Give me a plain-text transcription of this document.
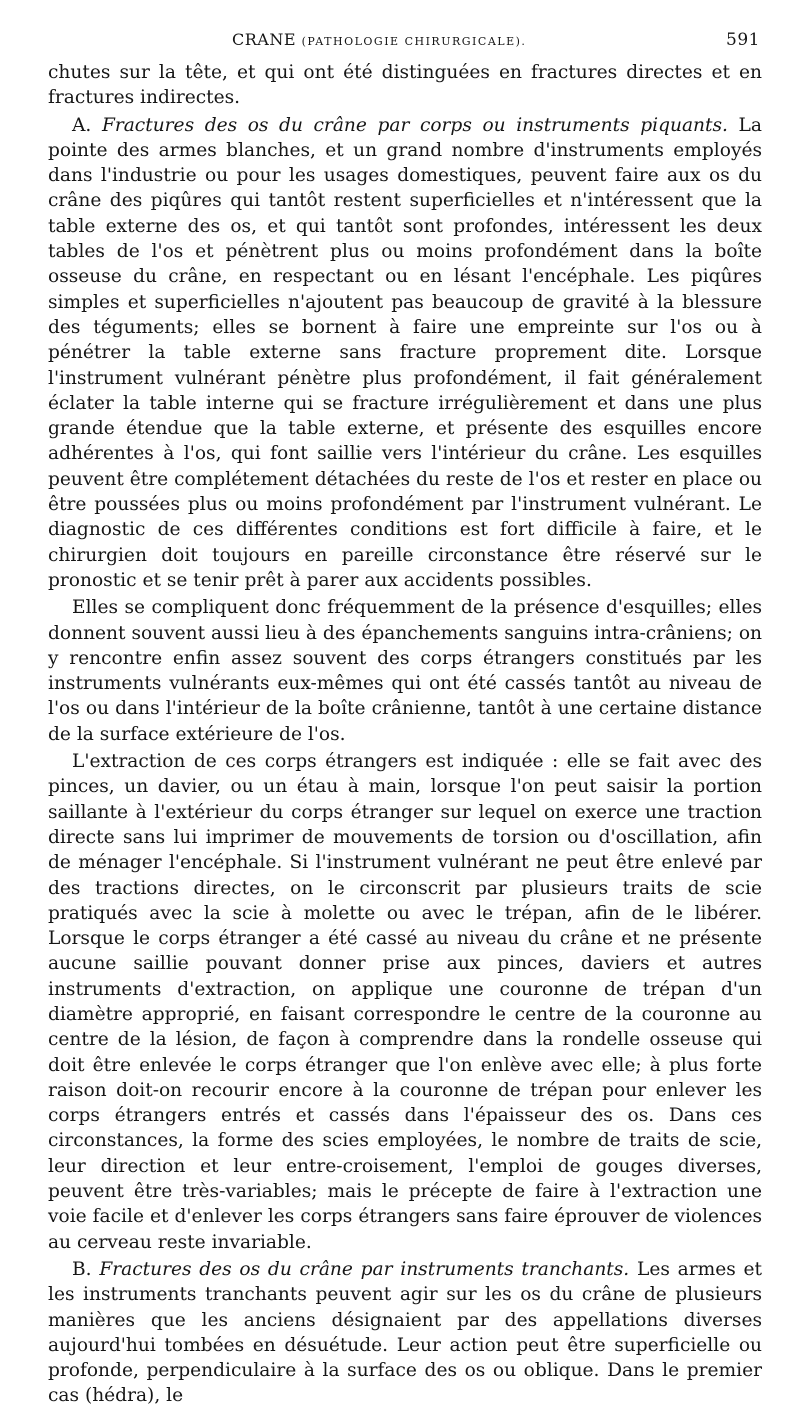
CRANE (PATHOLOGIE CHIRURGICALE).	591

chutes sur la tête, et qui ont été distinguées en fractures directes et en fractures indirectes.

A. Fractures des os du crâne par corps ou instruments piquants. La pointe des armes blanches, et un grand nombre d'instruments employés dans l'industrie ou pour les usages domestiques, peuvent faire aux os du crâne des piqûres qui tantôt restent superficielles et n'intéressent que la table externe des os, et qui tantôt sont profondes, intéressent les deux tables de l'os et pénètrent plus ou moins profondément dans la boîte osseuse du crâne, en respectant ou en lésant l'encéphale. Les piqûres simples et superficielles n'ajoutent pas beaucoup de gravité à la blessure des téguments; elles se bornent à faire une empreinte sur l'os ou à pénétrer la table externe sans fracture proprement dite. Lorsque l'instrument vulnérant pénètre plus profondément, il fait généralement éclater la table interne qui se fracture irrégulièrement et dans une plus grande étendue que la table externe, et présente des esquilles encore adhérentes à l'os, qui font saillie vers l'intérieur du crâne. Les esquilles peuvent être complétement détachées du reste de l'os et rester en place ou être poussées plus ou moins profondément par l'instrument vulnérant. Le diagnostic de ces différentes conditions est fort difficile à faire, et le chirurgien doit toujours en pareille circonstance être réservé sur le pronostic et se tenir prêt à parer aux accidents possibles.

Elles se compliquent donc fréquemment de la présence d'esquilles; elles donnent souvent aussi lieu à des épanchements sanguins intra-crâniens; on y rencontre enfin assez souvent des corps étrangers constitués par les instruments vulnérants eux-mêmes qui ont été cassés tantôt au niveau de l'os ou dans l'intérieur de la boîte crânienne, tantôt à une certaine distance de la surface extérieure de l'os.

L'extraction de ces corps étrangers est indiquée : elle se fait avec des pinces, un davier, ou un étau à main, lorsque l'on peut saisir la portion saillante à l'extérieur du corps étranger sur lequel on exerce une traction directe sans lui imprimer de mouvements de torsion ou d'oscillation, afin de ménager l'encéphale. Si l'instrument vulnérant ne peut être enlevé par des tractions directes, on le circonscrit par plusieurs traits de scie pratiqués avec la scie à molette ou avec le trépan, afin de le libérer. Lorsque le corps étranger a été cassé au niveau du crâne et ne présente aucune saillie pouvant donner prise aux pinces, daviers et autres instruments d'extraction, on applique une couronne de trépan d'un diamètre approprié, en faisant correspondre le centre de la couronne au centre de la lésion, de façon à comprendre dans la rondelle osseuse qui doit être enlevée le corps étranger que l'on enlève avec elle; à plus forte raison doit-on recourir encore à la couronne de trépan pour enlever les corps étrangers entrés et cassés dans l'épaisseur des os. Dans ces circonstances, la forme des scies employées, le nombre de traits de scie, leur direction et leur entre-croisement, l'emploi de gouges diverses, peuvent être très-variables; mais le précepte de faire à l'extraction une voie facile et d'enlever les corps étrangers sans faire éprouver de violences au cerveau reste invariable.

B. Fractures des os du crâne par instruments tranchants. Les armes et les instruments tranchants peuvent agir sur les os du crâne de plusieurs manières que les anciens désignaient par des appellations diverses aujourd'hui tombées en désuétude. Leur action peut être superficielle ou profonde, perpendiculaire à la surface des os ou oblique. Dans le premier cas (hédra), le
